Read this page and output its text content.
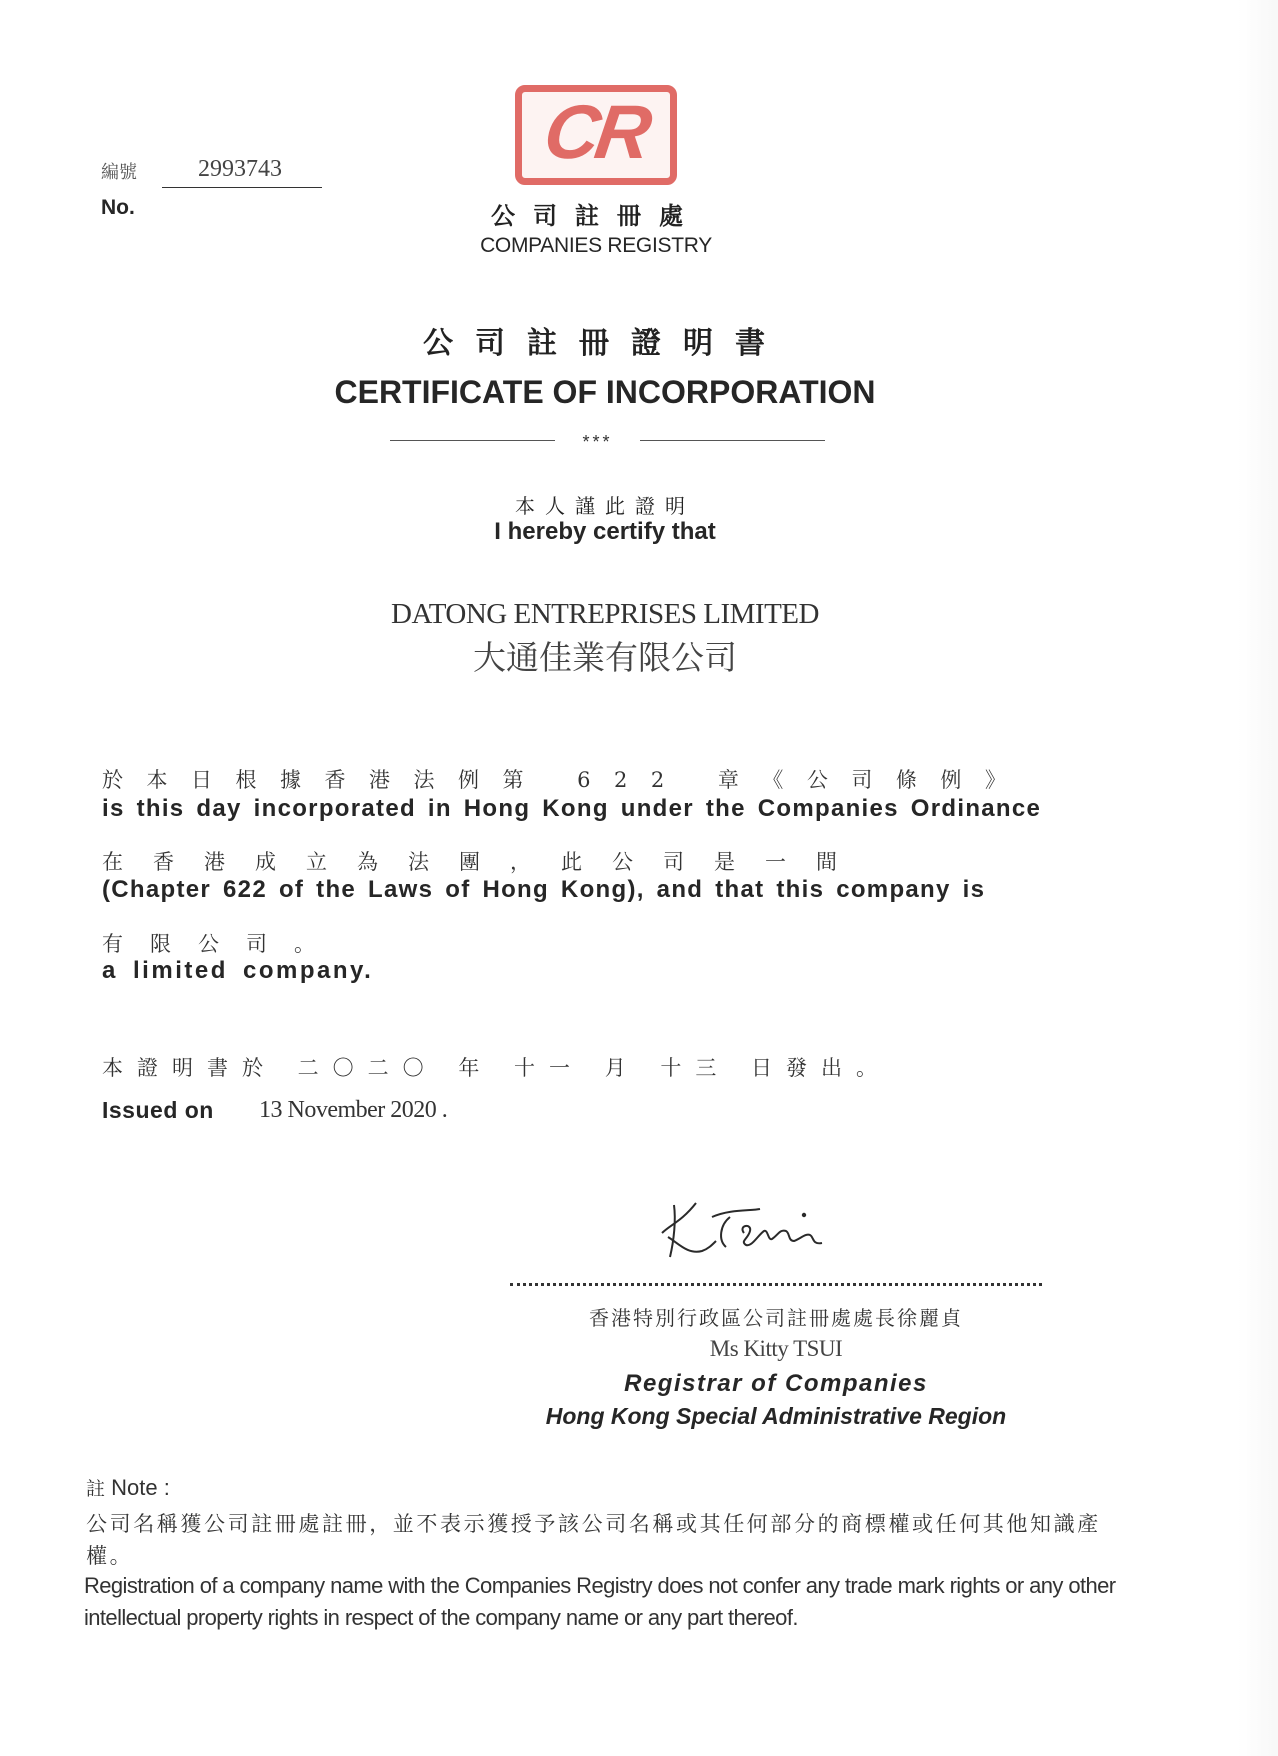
編號	2993743
No.
CR
公司註冊處
COMPANIES REGISTRY
公司註冊證明書
CERTIFICATE OF INCORPORATION
***
本人謹此證明
I hereby certify that
DATONG ENTREPRISES LIMITED
大通佳業有限公司
於本日根據香港法例第 622 章《公司條例》
is this day incorporated in Hong Kong under the Companies Ordinance
在香港成立為法團，此公司是一間
(Chapter 622 of the Laws of Hong Kong), and that this company is
有限公司。
a limited company.
本證明書於 二〇二〇 年 十一 月 十三 日發出。
Issued on 13 November 2020 .
香港特別行政區公司註冊處處長徐麗貞
Ms Kitty TSUI
Registrar of Companies
Hong Kong Special Administrative Region
註 Note :
公司名稱獲公司註冊處註冊，並不表示獲授予該公司名稱或其任何部分的商標權或任何其他知識產權。
Registration of a company name with the Companies Registry does not confer any trade mark rights or any other intellectual property rights in respect of the company name or any part thereof.
